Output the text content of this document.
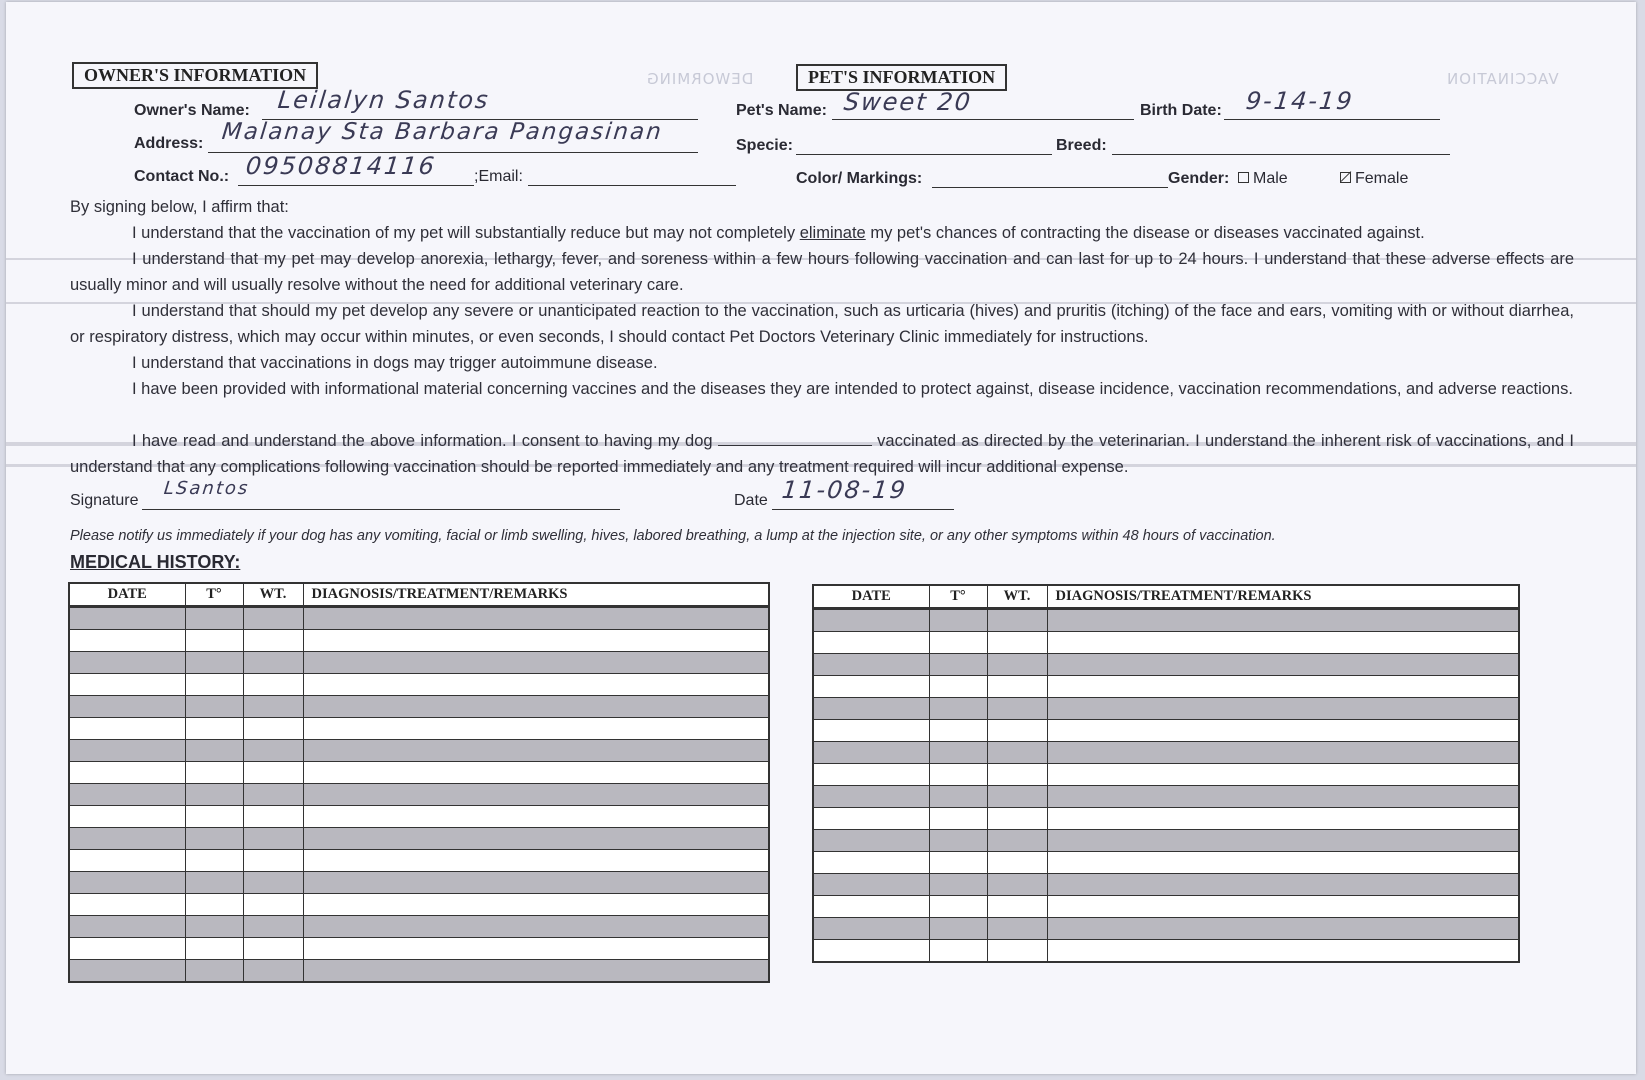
DEWORMING	VACCINATION
OWNER'S INFORMATION
Owner's Name: Leilalyn Santos
Address: Malanay Sta Barbara Pangasinan
Contact No.: 09508814116 ;Email:
PET'S INFORMATION
Pet's Name: Sweet 20	Birth Date: 9-14-19
Specie:	Breed:
Color/ Markings:	Gender:	Male	Female
By signing below, I affirm that:
I understand that the vaccination of my pet will substantially reduce but may not completely eliminate my pet's chances of contracting the disease or diseases vaccinated against.
I understand that my pet may develop anorexia, lethargy, fever, and soreness within a few hours following vaccination and can last for up to 24 hours. I understand that these adverse effects are usually minor and will usually resolve without the need for additional veterinary care.
I understand that should my pet develop any severe or unanticipated reaction to the vaccination, such as urticaria (hives) and pruritis (itching) of the face and ears, vomiting with or without diarrhea, or respiratory distress, which may occur within minutes, or even seconds, I should contact Pet Doctors Veterinary Clinic immediately for instructions.
I understand that vaccinations in dogs may trigger autoimmune disease.
I have been provided with informational material concerning vaccines and the diseases they are intended to protect against, disease incidence, vaccination recommendations, and adverse reactions.
I have read and understand the above information. I consent to having my dog	vaccinated as directed by the veterinarian. I understand the inherent risk of vaccinations, and I understand that any complications following vaccination should be reported immediately and any treatment required will incur additional expense.
Signature
LSantos
Date 11-08-19
Please notify us immediately if your dog has any vomiting, facial or limb swelling, hives, labored breathing, a lump at the injection site, or any other symptoms within 48 hours of vaccination.
MEDICAL HISTORY:
DATE	T°	WT.	DIAGNOSIS/TREATMENT/REMARKS

				DATE	T°	WT.	DIAGNOSIS/TREATMENT/REMARKS
